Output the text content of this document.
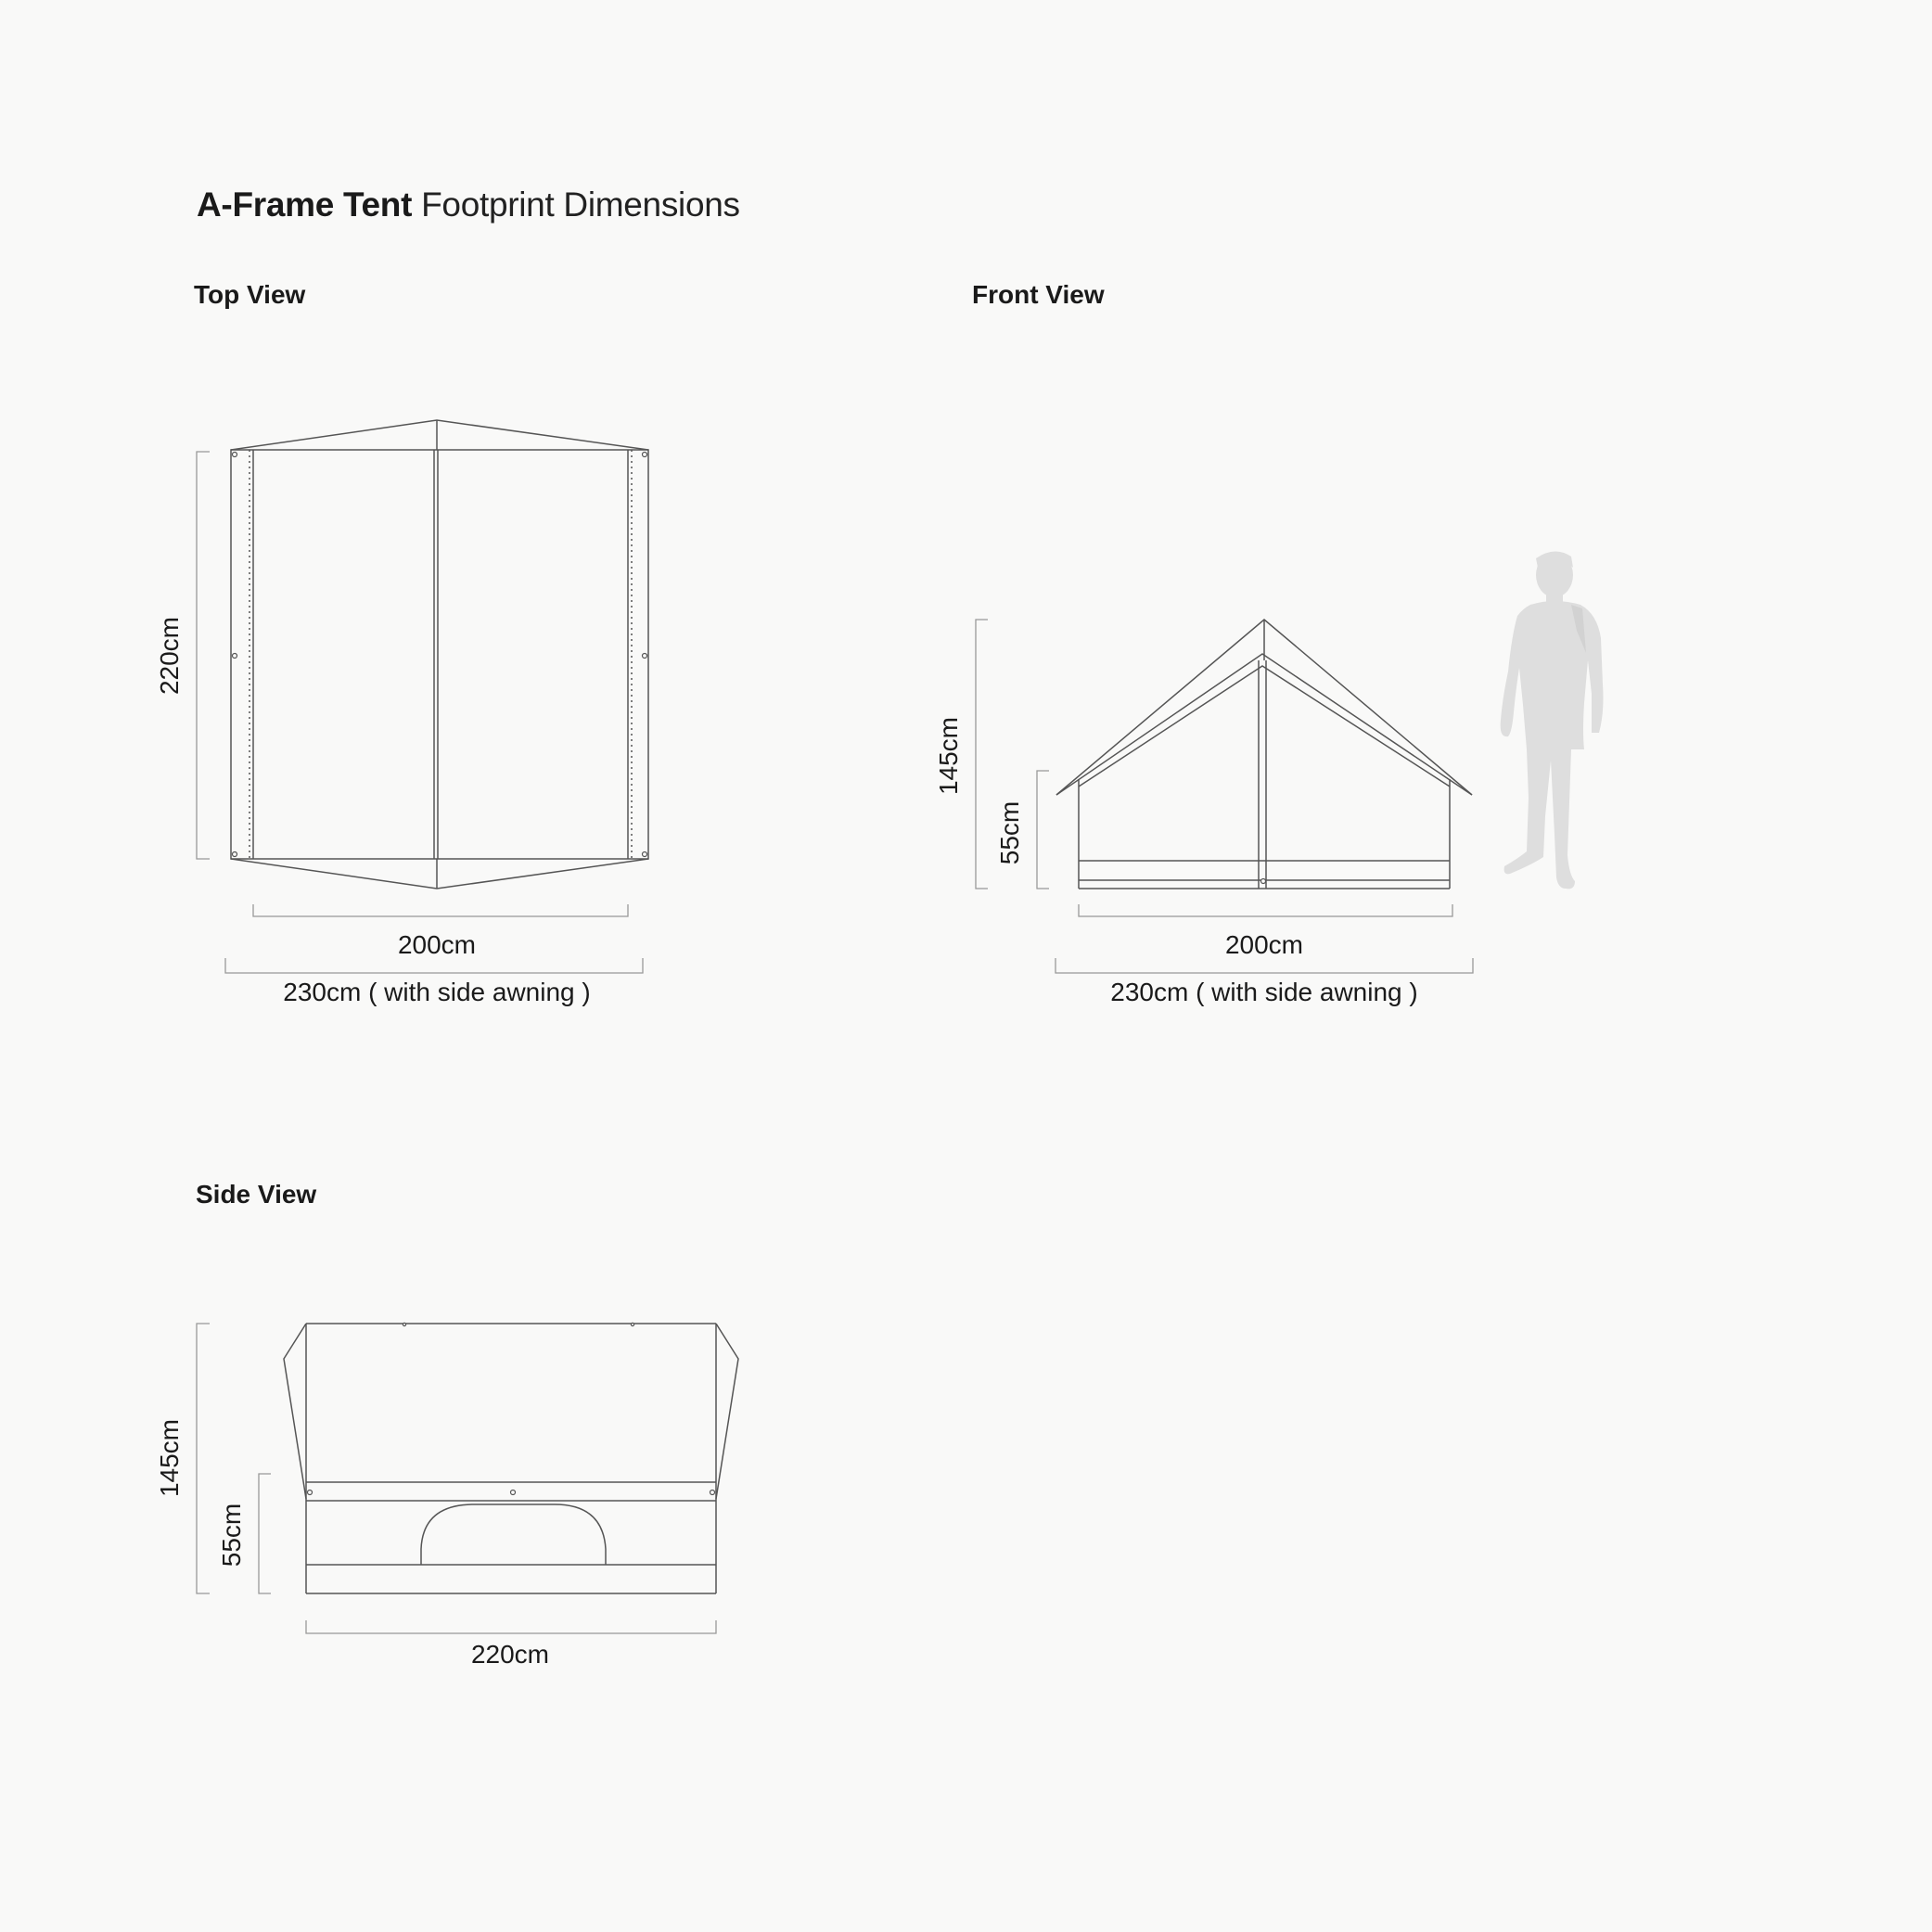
A-Frame Tent Footprint Dimensions
Top View	Front View
Side View
220cm
200cm
230cm ( with side awning )
145cm
55cm
200cm
230cm ( with side awning )
145cm
55cm
220cm
